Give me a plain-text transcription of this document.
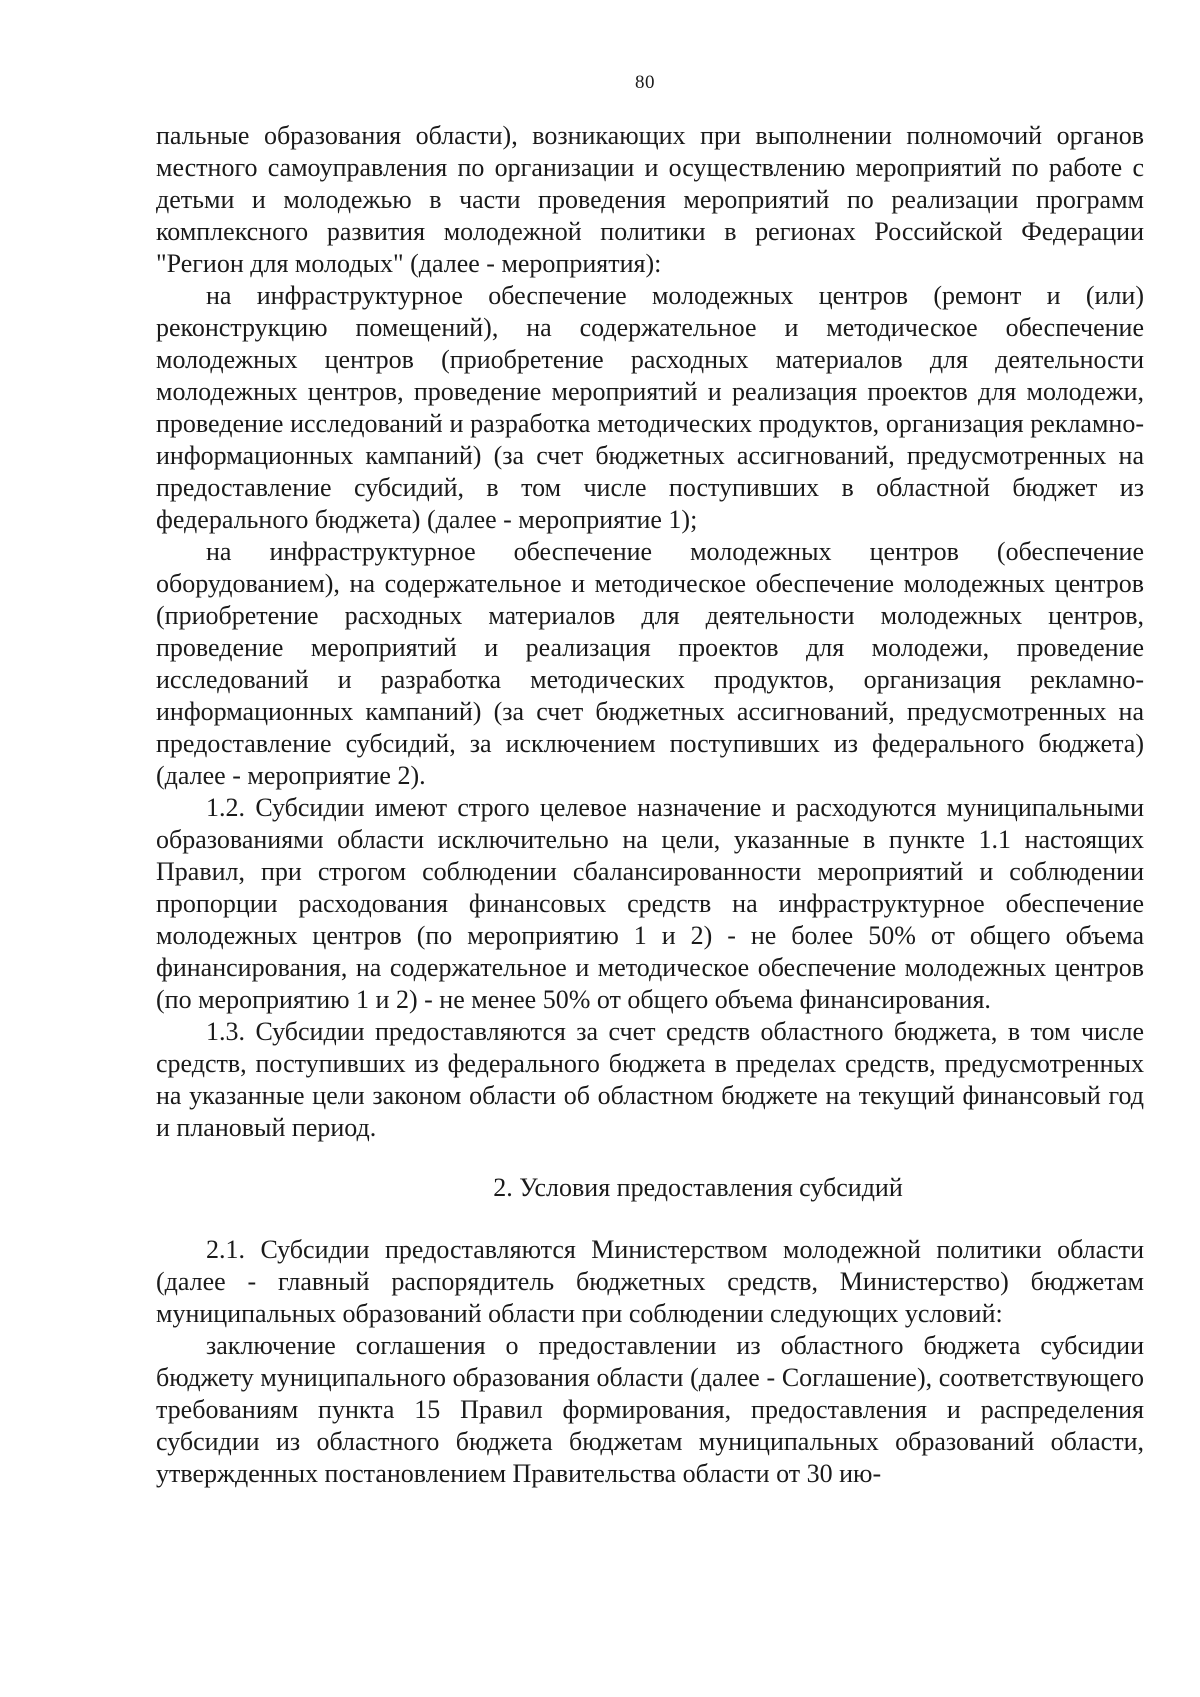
80

пальные образования области), возникающих при выполнении полномочий органов местного самоуправления по организации и осуществлению мероприятий по работе с детьми и молодежью в части проведения мероприятий по реализации программ комплексного развития молодежной политики в регионах Российской Федерации "Регион для молодых" (далее - мероприятия):

на инфраструктурное обеспечение молодежных центров (ремонт и (или) реконструкцию помещений), на содержательное и методическое обеспечение молодежных центров (приобретение расходных материалов для деятельности молодежных центров, проведение мероприятий и реализация проектов для молодежи, проведение исследований и разработка методических продуктов, организация рекламно-информационных кампаний) (за счет бюджетных ассигнований, предусмотренных на предоставление субсидий, в том числе поступивших в областной бюджет из федерального бюджета) (далее - мероприятие 1);

на инфраструктурное обеспечение молодежных центров (обеспечение оборудованием), на содержательное и методическое обеспечение молодежных центров (приобретение расходных материалов для деятельности молодежных центров, проведение мероприятий и реализация проектов для молодежи, проведение исследований и разработка методических продуктов, организация рекламно-информационных кампаний) (за счет бюджетных ассигнований, предусмотренных на предоставление субсидий, за исключением поступивших из федерального бюджета) (далее - мероприятие 2).

1.2. Субсидии имеют строго целевое назначение и расходуются муниципальными образованиями области исключительно на цели, указанные в пункте 1.1 настоящих Правил, при строгом соблюдении сбалансированности мероприятий и соблюдении пропорции расходования финансовых средств на инфраструктурное обеспечение молодежных центров (по мероприятию 1 и 2) - не более 50% от общего объема финансирования, на содержательное и методическое обеспечение молодежных центров (по мероприятию 1 и 2) - не менее 50% от общего объема финансирования.

1.3. Субсидии предоставляются за счет средств областного бюджета, в том числе средств, поступивших из федерального бюджета в пределах средств, предусмотренных на указанные цели законом области об областном бюджете на текущий финансовый год и плановый период.

2. Условия предоставления субсидий

2.1. Субсидии предоставляются Министерством молодежной политики области (далее - главный распорядитель бюджетных средств, Министерство) бюджетам муниципальных образований области при соблюдении следующих условий:

заключение соглашения о предоставлении из областного бюджета субсидии бюджету муниципального образования области (далее - Соглашение), соответствующего требованиям пункта 15 Правил формирования, предоставления и распределения субсидии из областного бюджета бюджетам муниципальных образований области, утвержденных постановлением Правительства области от 30 ию-
